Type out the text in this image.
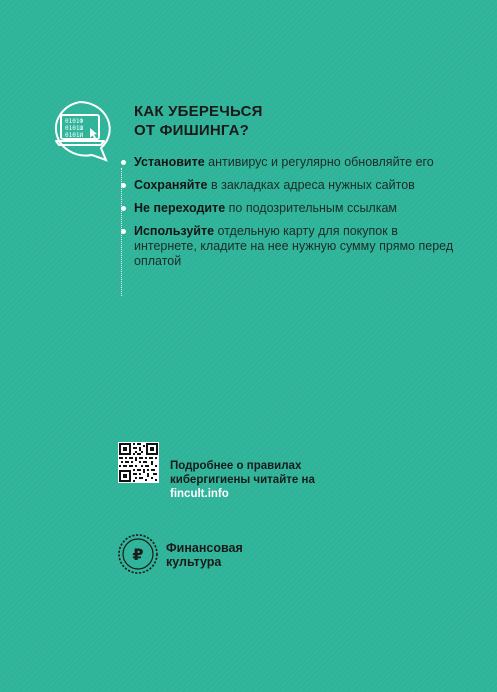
0101Ф
0101Ш
0101И
КАК УБЕРЕЧЬСЯ
ОТ ФИШИНГА?
Установите антивирус и регулярно обновляйте его
Сохраняйте в закладках адреса нужных сайтов
Не переходите по подозрительным ссылкам
Используйте отдельную карту для покупок в интернете, кладите на нее нужную сумму прямо перед оплатой

Подробнее о правилах
кибергигиены читайте на
fincult.info

₽ Финансовая
культура
